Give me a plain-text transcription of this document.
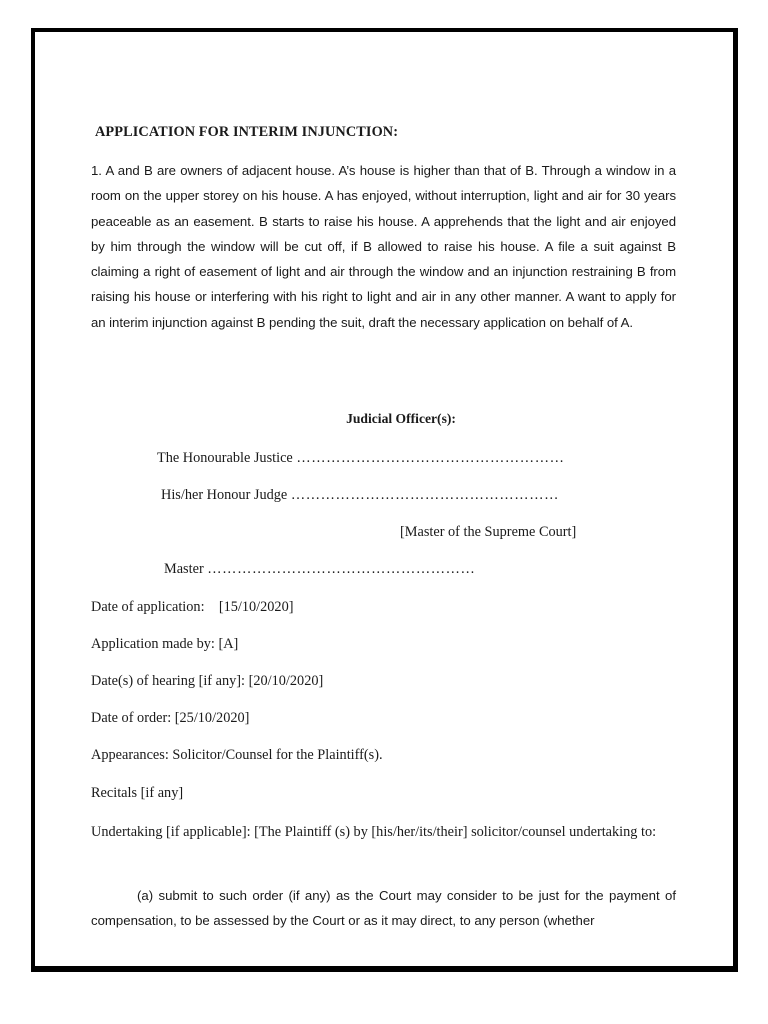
APPLICATION FOR INTERIM INJUNCTION:
1. A and B are owners of adjacent house. A’s house is higher than that of B. Through a window in a room on the upper storey on his house. A has enjoyed, without interruption, light and air for 30 years peaceable as an easement. B starts to raise his house. A apprehends that the light and air enjoyed by him through the window will be cut off, if B allowed to raise his house. A file a suit against B claiming a right of easement of light and air through the window and an injunction restraining B from raising his house or interfering with his right to light and air in any other manner. A want to apply for an interim injunction against B pending the suit, draft the necessary application on behalf of A.
Judicial Officer(s):
The Honourable Justice ………………………………………………
His/her Honour Judge ………………………………………………
[Master of the Supreme Court]
Master ………………………………………………
Date of application:    [15/10/2020]
Application made by: [A]
Date(s) of hearing [if any]: [20/10/2020]
Date of order: [25/10/2020]
Appearances: Solicitor/Counsel for the Plaintiff(s).
Recitals [if any]
Undertaking [if applicable]: [The Plaintiff (s) by [his/her/its/their] solicitor/counsel undertaking to:
(a) submit to such order (if any) as the Court may consider to be just for the payment of compensation, to be assessed by the Court or as it may direct, to any person (whether
